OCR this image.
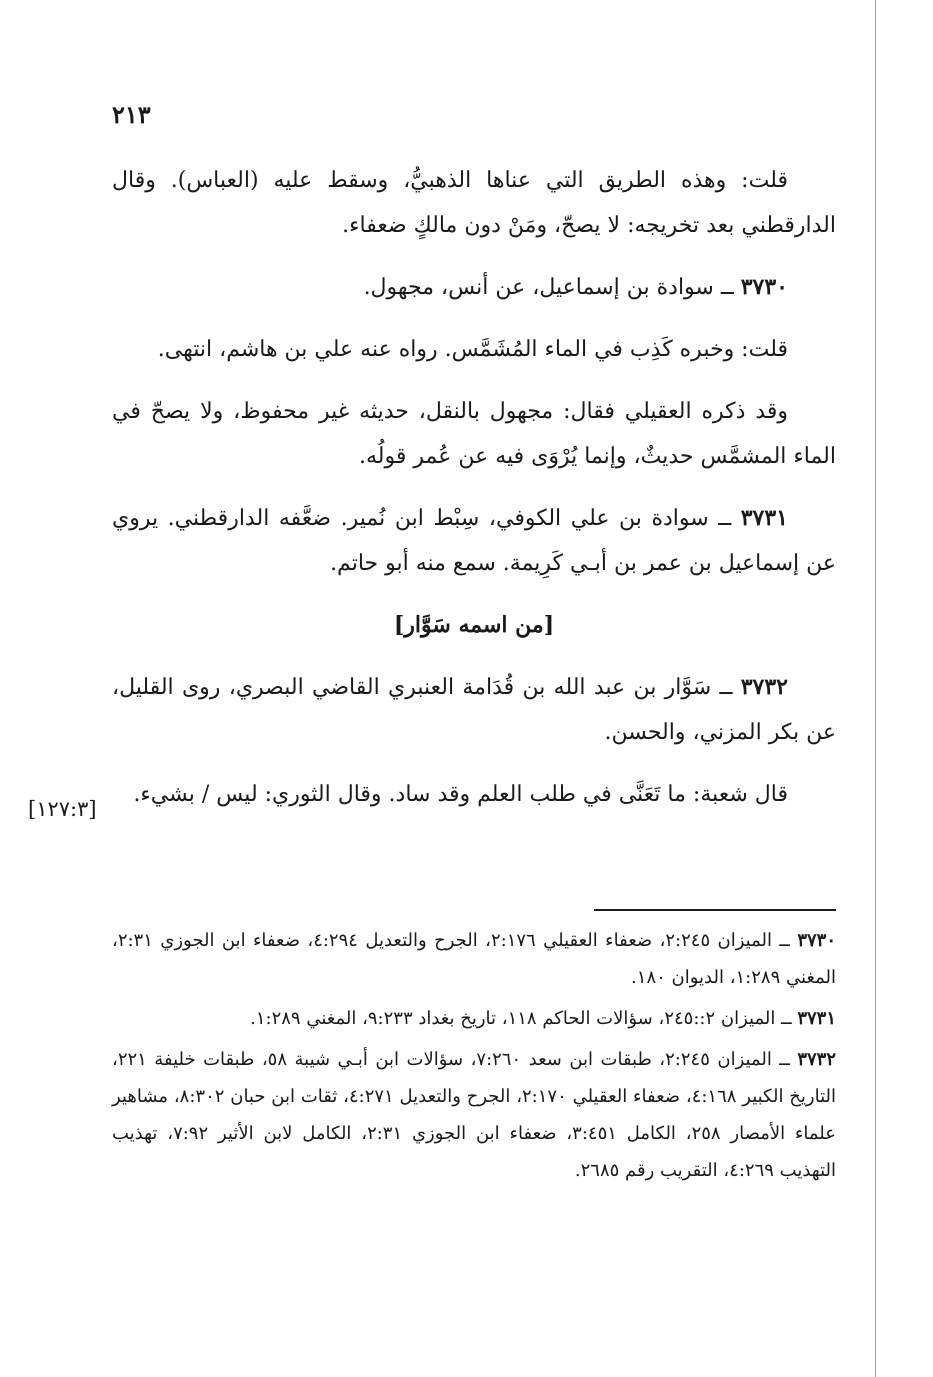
٢١٣

قلت: وهذه الطريق التي عناها الذهبيُّ، وسقط عليه (العباس). وقال الدارقطني بعد تخريجه: لا يصحّ، ومَنْ دون مالكٍ ضعفاء.

٣٧٣٠ ــ سوادة بن إسماعيل، عن أنس، مجهول.

قلت: وخبره كَذِب في الماء المُشَمَّس. رواه عنه علي بن هاشم، انتهى.

وقد ذكره العقيلي فقال: مجهول بالنقل، حديثه غير محفوظ، ولا يصحّ في الماء المشمَّس حديثٌ، وإنما يُرْوَى فيه عن عُمر قولُه.

٣٧٣١ ــ سوادة بن علي الكوفي، سِبْط ابن نُمير. ضعَّفه الدارقطني. يروي عن إسماعيل بن عمر بن أبـي كَرِيمة. سمع منه أبو حاتم.

[من اسمه سَوَّار]

٣٧٣٢ ــ سَوَّار بن عبد الله بن قُدَامة العنبري القاضي البصري، روى القليل، عن بكر المزني، والحسن.

قال شعبة: ما تَعَنَّى في طلب العلم وقد ساد. وقال الثوري: ليس / بشيء.

[١٢٧:٣]

٣٧٣٠ ــ الميزان ٢:٢٤٥، ضعفاء العقيلي ٢:١٧٦، الجرح والتعديل ٤:٢٩٤، ضعفاء ابن الجوزي ٢:٣١، المغني ١:٢٨٩، الديوان ١٨٠.

٣٧٣١ ــ الميزان ٢::٢٤٥، سؤالات الحاكم ١١٨، تاريخ بغداد ٩:٢٣٣، المغني ١:٢٨٩.

٣٧٣٢ ــ الميزان ٢:٢٤٥، طبقات ابن سعد ٧:٢٦٠، سؤالات ابن أبـي شيبة ٥٨، طبقات خليفة ٢٢١، التاريخ الكبير ٤:١٦٨، ضعفاء العقيلي ٢:١٧٠، الجرح والتعديل ٤:٢٧١، ثقات ابن حبان ٨:٣٠٢، مشاهير علماء الأمصار ٢٥٨، الكامل ٣:٤٥١، ضعفاء ابن الجوزي ٢:٣١، الكامل لابن الأثير ٧:٩٢، تهذيب التهذيب ٤:٢٦٩، التقريب رقم ٢٦٨٥.
